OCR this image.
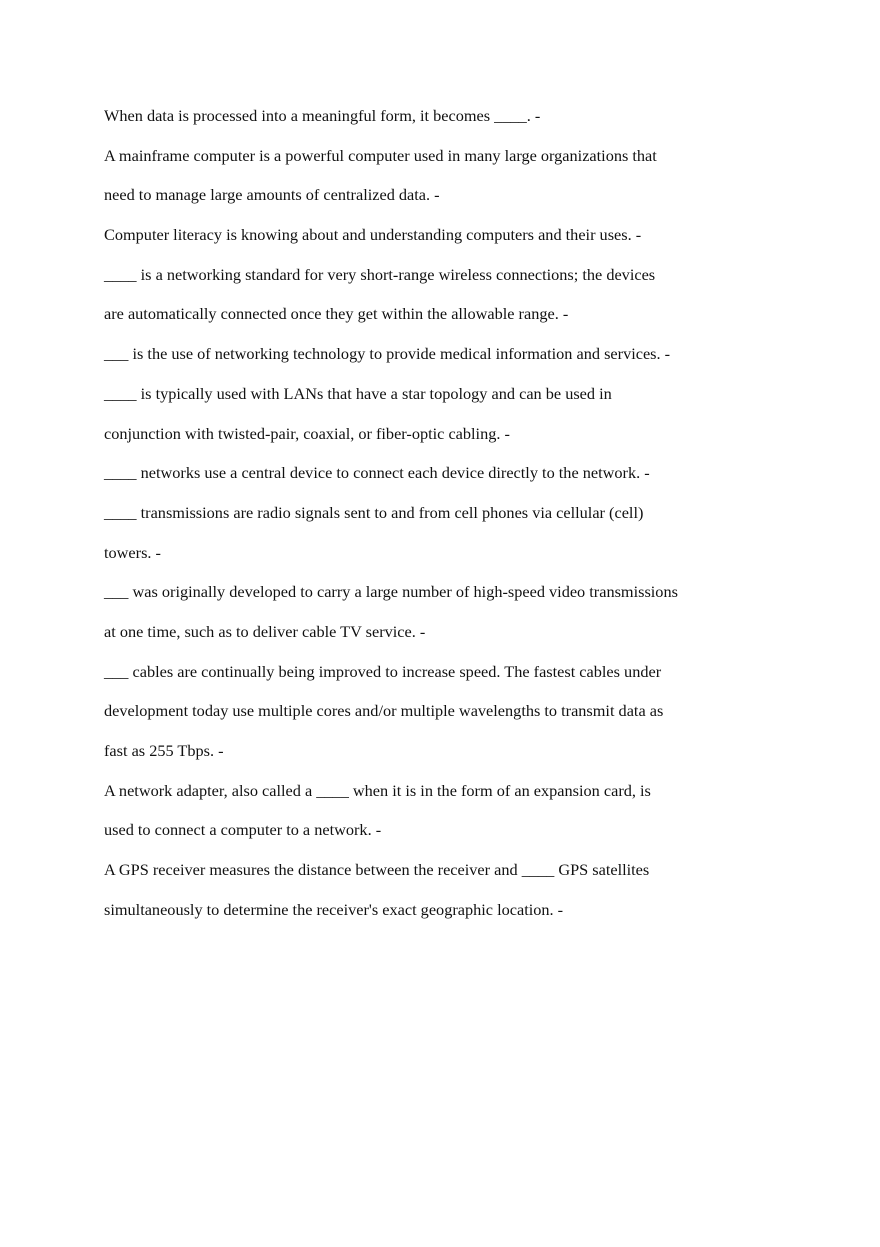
When data is processed into a meaningful form, it becomes ____. -
A mainframe computer is a powerful computer used in many large organizations that
need to manage large amounts of centralized data. -
Computer literacy is knowing about and understanding computers and their uses. -
____ is a networking standard for very short-range wireless connections; the devices
are automatically connected once they get within the allowable range. -
___ is the use of networking technology to provide medical information and services. -
____ is typically used with LANs that have a star topology and can be used in
conjunction with twisted-pair, coaxial, or fiber-optic cabling. -
____ networks use a central device to connect each device directly to the network. -
____ transmissions are radio signals sent to and from cell phones via cellular (cell)
towers. -
___ was originally developed to carry a large number of high-speed video transmissions
at one time, such as to deliver cable TV service. -
___ cables are continually being improved to increase speed. The fastest cables under
development today use multiple cores and/or multiple wavelengths to transmit data as
fast as 255 Tbps. -
A network adapter, also called a ____ when it is in the form of an expansion card, is
used to connect a computer to a network. -
A GPS receiver measures the distance between the receiver and ____ GPS satellites
simultaneously to determine the receiver's exact geographic location. -
